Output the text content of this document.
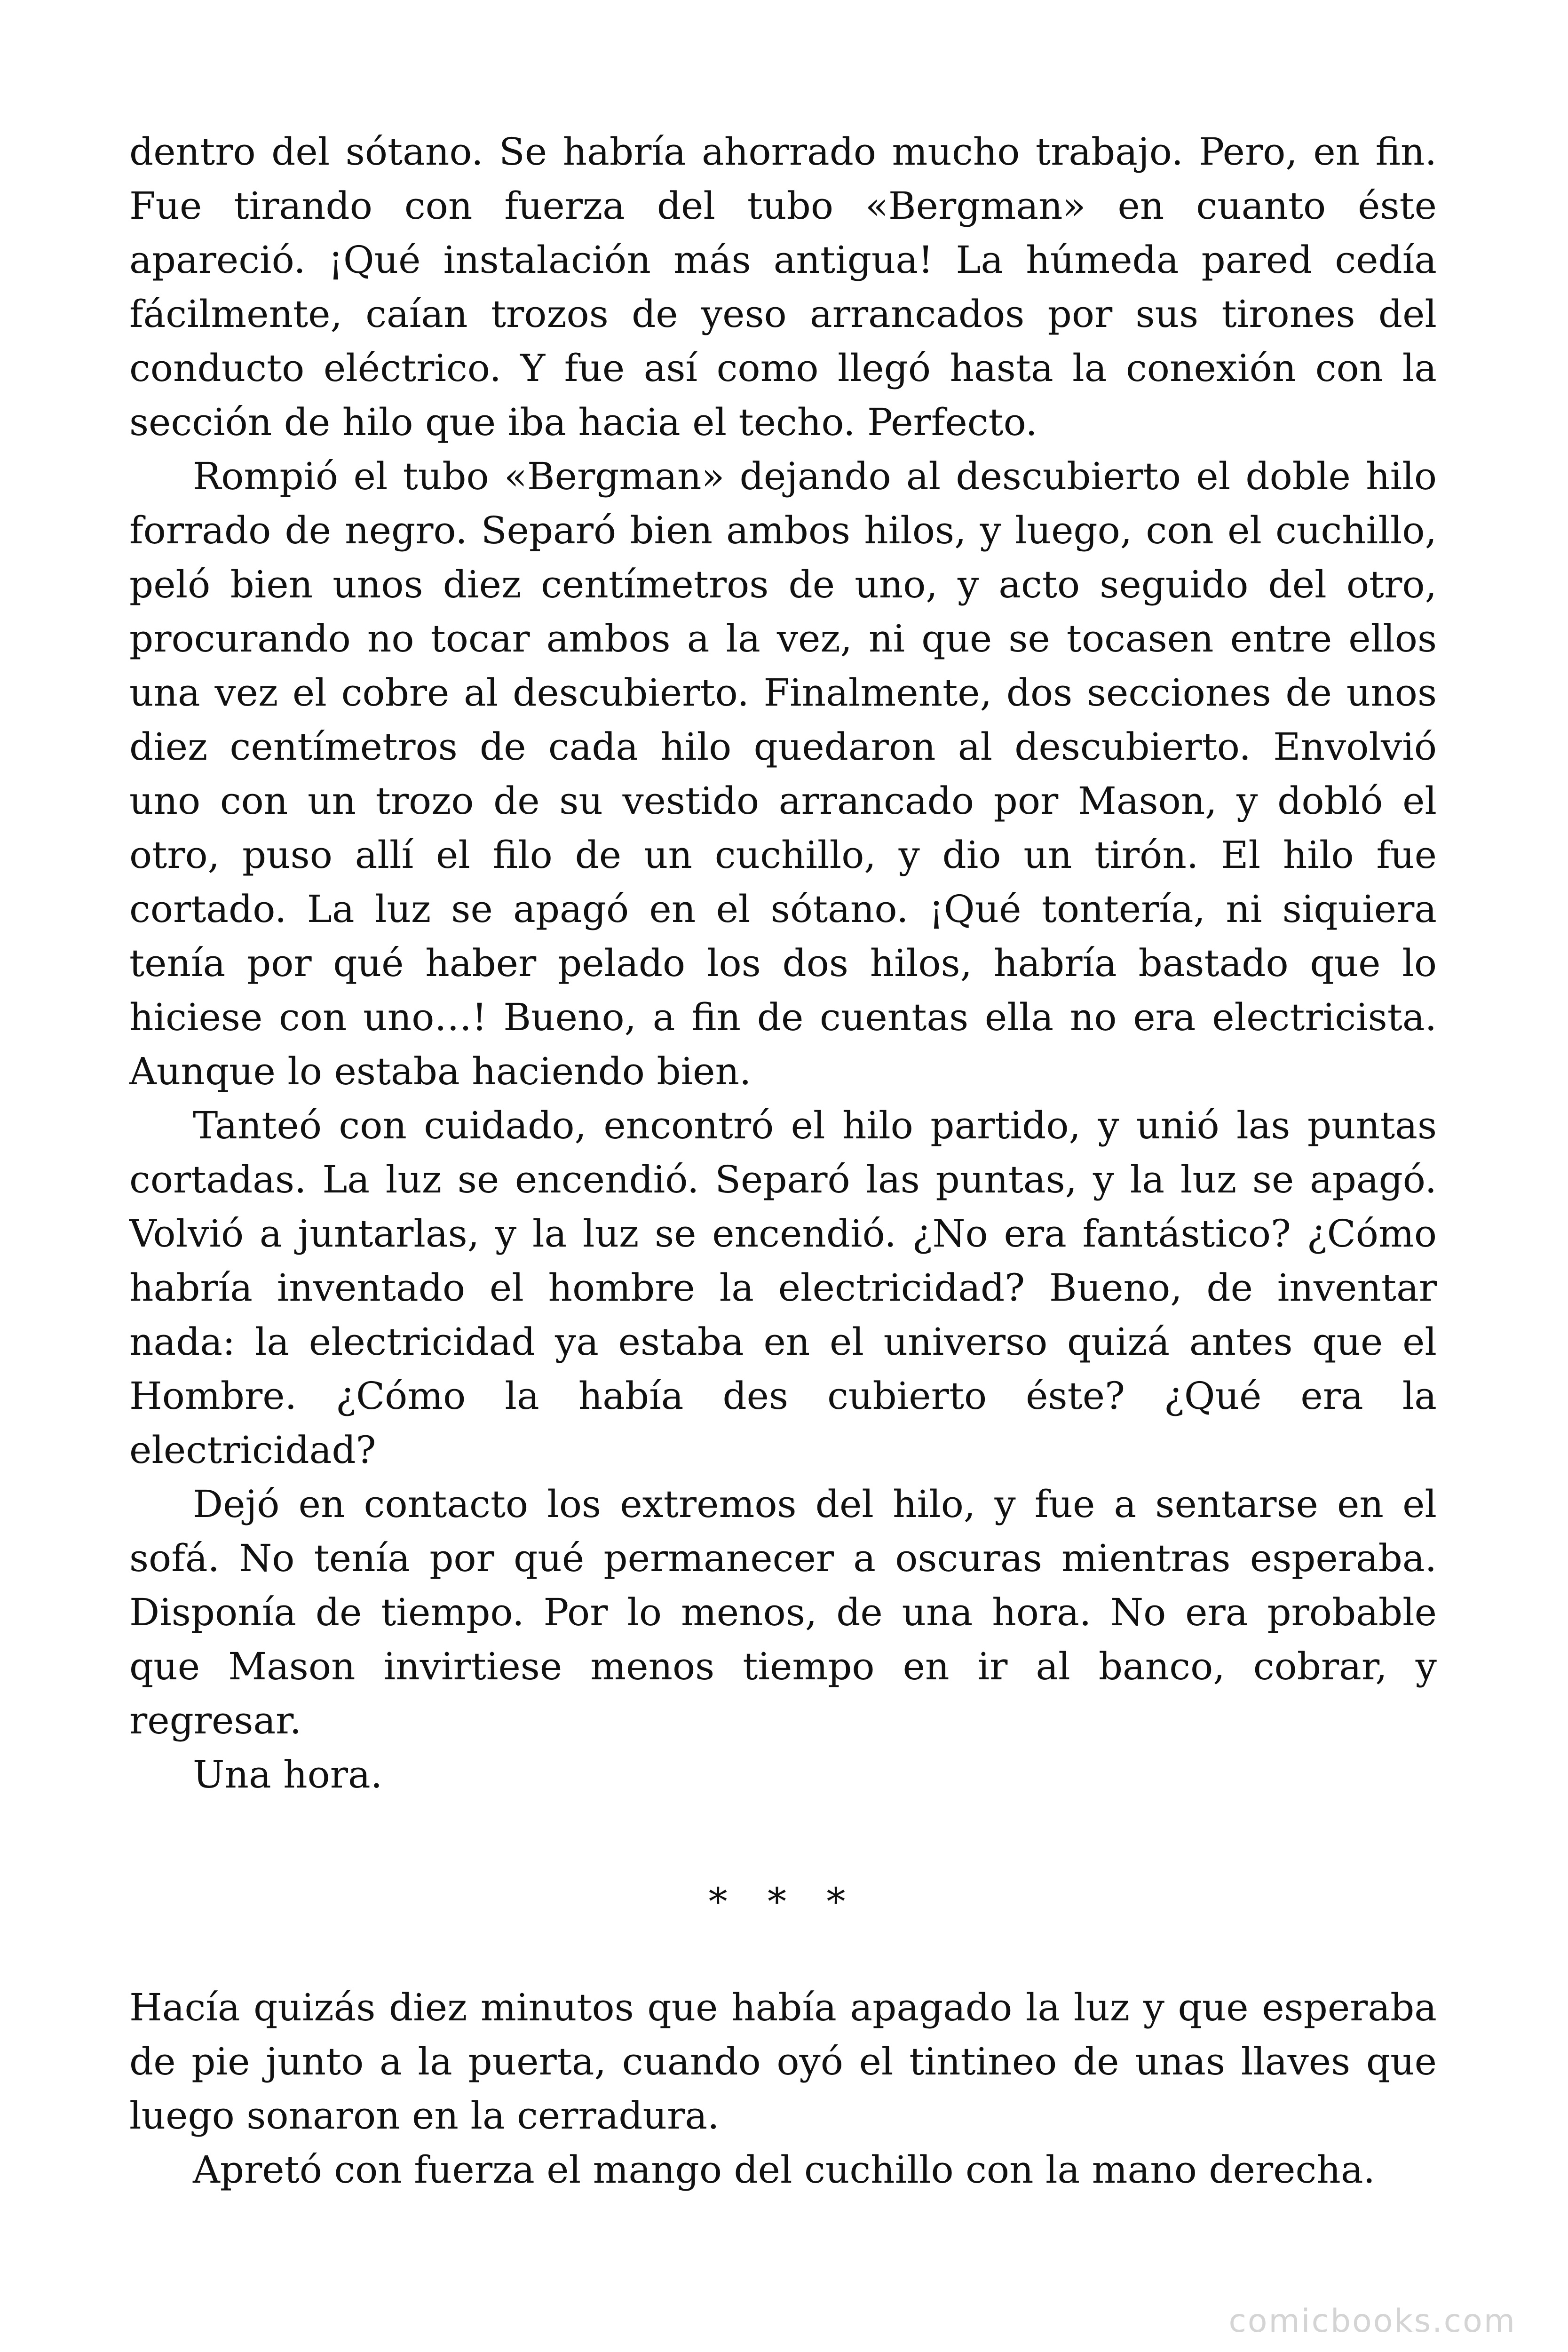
dentro del sótano. Se habría ahorrado mucho trabajo. Pero, en fin. Fue tirando con fuerza del tubo «Bergman» en cuanto éste apareció. ¡Qué instalación más antigua! La húmeda pared cedía fácilmente, caían trozos de yeso arrancados por sus tirones del conducto eléctrico. Y fue así como llegó hasta la conexión con la sección de hilo que iba hacia el techo. Perfecto.

Rompió el tubo «Bergman» dejando al descubierto el doble hilo forrado de negro. Separó bien ambos hilos, y luego, con el cuchillo, peló bien unos diez centímetros de uno, y acto seguido del otro, procurando no tocar ambos a la vez, ni que se tocasen entre ellos una vez el cobre al descubierto. Finalmente, dos secciones de unos diez centímetros de cada hilo quedaron al descubierto. Envolvió uno con un trozo de su vestido arrancado por Mason, y dobló el otro, puso allí el filo de un cuchillo, y dio un tirón. El hilo fue cortado. La luz se apagó en el sótano. ¡Qué tontería, ni siquiera tenía por qué haber pelado los dos hilos, habría bastado que lo hiciese con uno…! Bueno, a fin de cuentas ella no era electricista. Aunque lo estaba haciendo bien.

Tanteó con cuidado, encontró el hilo partido, y unió las puntas cortadas. La luz se encendió. Separó las puntas, y la luz se apagó. Volvió a juntarlas, y la luz se encendió. ¿No era fantástico? ¿Cómo habría inventado el hombre la electricidad? Bueno, de inventar nada: la electricidad ya estaba en el universo quizá antes que el Hombre. ¿Cómo la había des cubierto éste? ¿Qué era la electricidad?

Dejó en contacto los extremos del hilo, y fue a sentarse en el sofá. No tenía por qué permanecer a oscuras mientras esperaba. Disponía de tiempo. Por lo menos, de una hora. No era probable que Mason invirtiese menos tiempo en ir al banco, cobrar, y regresar.

Una hora.

* * *

Hacía quizás diez minutos que había apagado la luz y que esperaba de pie junto a la puerta, cuando oyó el tintineo de unas llaves que luego sonaron en la cerradura.

Apretó con fuerza el mango del cuchillo con la mano derecha.

comicbooks.com
